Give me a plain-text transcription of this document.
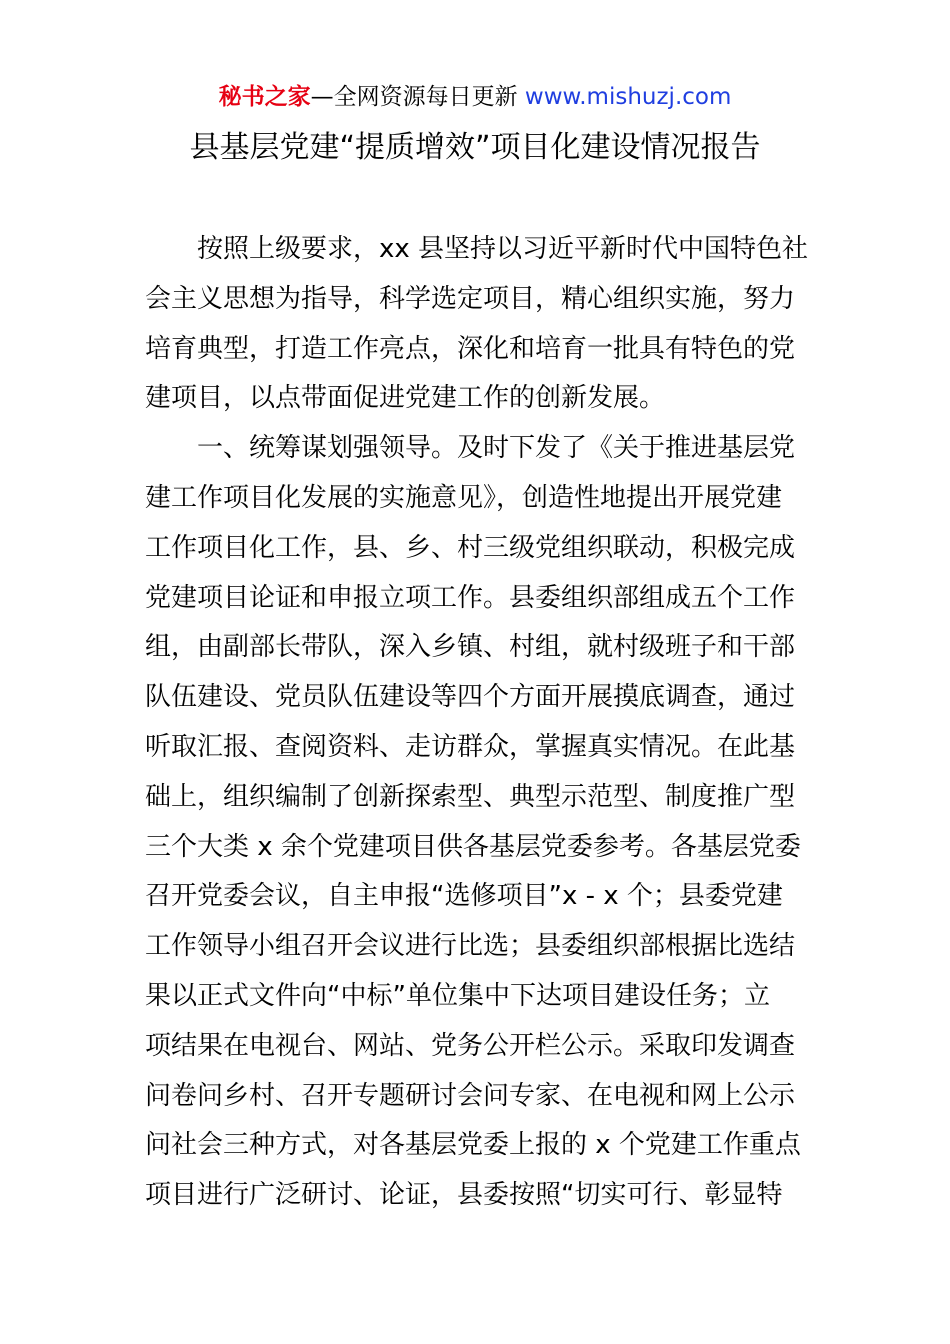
秘书之家—全网资源每日更新 www.mishuzj.com
县基层党建“提质增效”项目化建设情况报告
按照上级要求，xx 县坚持以习近平新时代中国特色社
会主义思想为指导，科学选定项目，精心组织实施，努力
培育典型，打造工作亮点，深化和培育一批具有特色的党
建项目，以点带面促进党建工作的创新发展。
一、统筹谋划强领导。及时下发了《关于推进基层党
建工作项目化发展的实施意见》，创造性地提出开展党建
工作项目化工作，县、乡、村三级党组织联动，积极完成
党建项目论证和申报立项工作。县委组织部组成五个工作
组，由副部长带队，深入乡镇、村组，就村级班子和干部
队伍建设、党员队伍建设等四个方面开展摸底调查，通过
听取汇报、查阅资料、走访群众，掌握真实情况。在此基
础上，组织编制了创新探索型、典型示范型、制度推广型
三个大类 x 余个党建项目供各基层党委参考。各基层党委
召开党委会议，自主申报“选修项目”x - x 个；县委党建
工作领导小组召开会议进行比选；县委组织部根据比选结
果以正式文件向“中标”单位集中下达项目建设任务；立
项结果在电视台、网站、党务公开栏公示。采取印发调查
问卷问乡村、召开专题研讨会问专家、在电视和网上公示
问社会三种方式，对各基层党委上报的 x 个党建工作重点
项目进行广泛研讨、论证，县委按照“切实可行、彰显特
